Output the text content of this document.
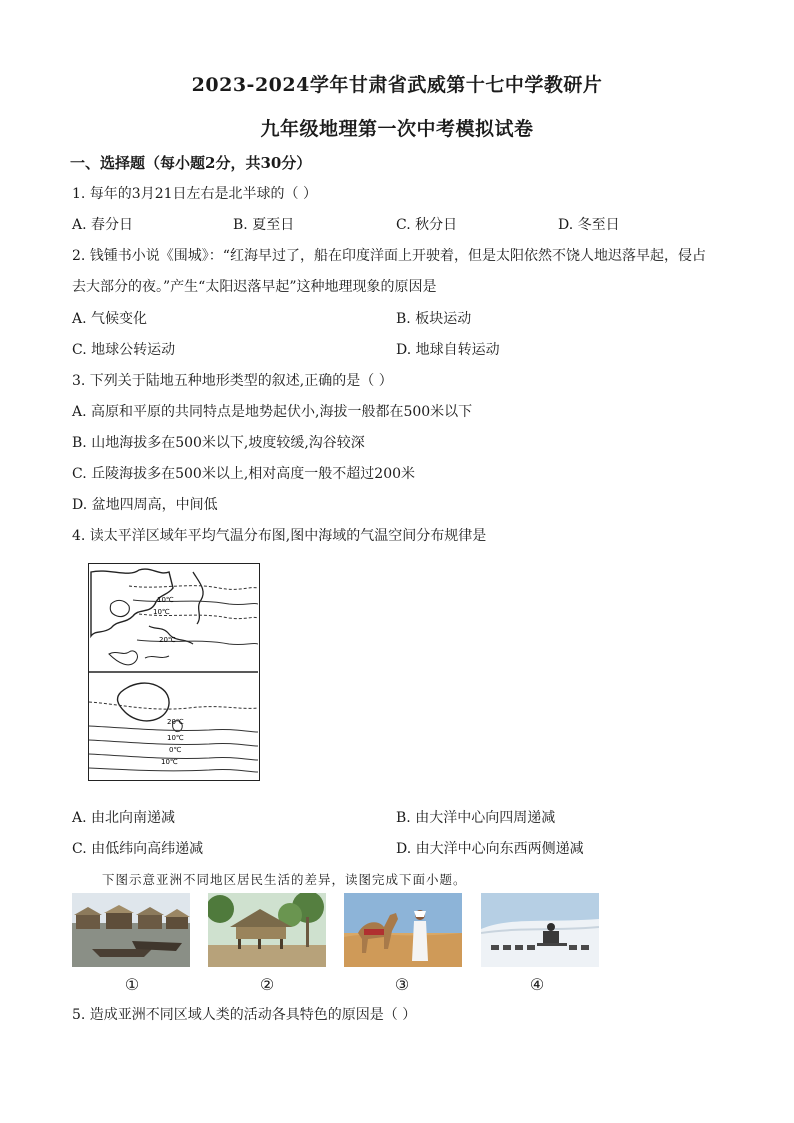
2023-2024学年甘肃省武威第十七中学教研片
九年级地理第一次中考模拟试卷
一、选择题（每小题2分，共30分）
1. 每年的3月21日左右是北半球的（ ）
A. 春分日	B. 夏至日	C. 秋分日	D. 冬至日
2. 钱锺书小说《围城》：“红海早过了，船在印度洋面上开驶着，但是太阳依然不饶人地迟落早起，侵占
去大部分的夜。”产生“太阳迟落早起”这种地理现象的原因是
A. 气候变化	B. 板块运动
C. 地球公转运动	D. 地球自转运动
3. 下列关于陆地五种地形类型的叙述,正确的是（ ）
A. 高原和平原的共同特点是地势起伏小,海拔一般都在500米以下
B. 山地海拔多在500米以下,坡度较缓,沟谷较深
C. 丘陵海拔多在500米以上,相对高度一般不超过200米
D. 盆地四周高，中间低
4. 读太平洋区域年平均气温分布图,图中海域的气温空间分布规律是
10℃
10℃
20℃
20℃
10℃
0℃
10℃
A. 由北向南递减	B. 由大洋中心向四周递减
C. 由低纬向高纬递减	D. 由大洋中心向东西两侧递减
下图示意亚洲不同地区居民生活的差异，读图完成下面小题。
①	②	③	④
5. 造成亚洲不同区域人类的活动各具特色的原因是（ ）
